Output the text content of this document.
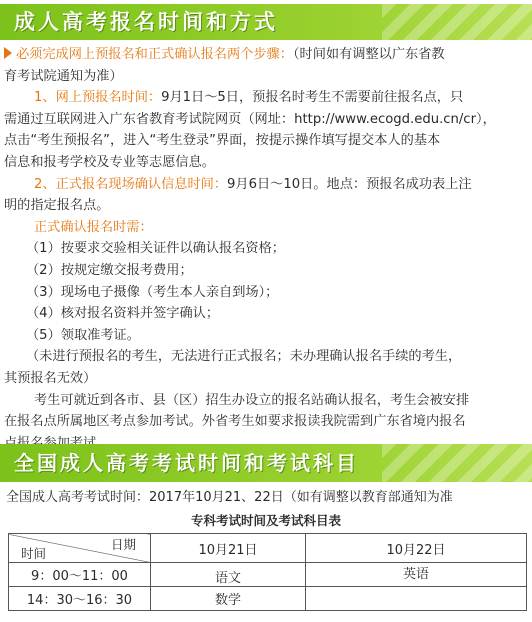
成人高考报名时间和方式
必须完成网上预报名和正式确认报名两个步骤：（时间如有调整以广东省教
育考试院通知为准）
1、网上预报名时间：9月1日～5日，预报名时考生不需要前往报名点，只
需通过互联网进入广东省教育考试院网页（网址：http://www.ecogd.edu.cn/cr），
点击“考生预报名”，进入“考生登录”界面，按提示操作填写提交本人的基本
信息和报考学校及专业等志愿信息。
2、正式报名现场确认信息时间：9月6日～10日。地点：预报名成功表上注
明的指定报名点。
正式确认报名时需：
（1）按要求交验相关证件以确认报名资格；
（2）按规定缴交报考费用；
（3）现场电子摄像（考生本人亲自到场）；
（4）核对报名资料并签字确认；
（5）领取准考证。
（未进行预报名的考生，无法进行正式报名；未办理确认报名手续的考生，
其预报名无效）
考生可就近到各市、县（区）招生办设立的报名站确认报名，考生会被安排
在报名点所属地区考点参加考试。外省考生如要求报读我院需到广东省境内报名
全国成人高考考试时间和考试科目
全国成人高考考试时间：2017年10月21、22日（如有调整以教育部通知为准
专科考试时间及考试科目表
日期
时间	10月21日	10月22日
9：00～11：00	语文	英语
14：30～16：30	数学	
